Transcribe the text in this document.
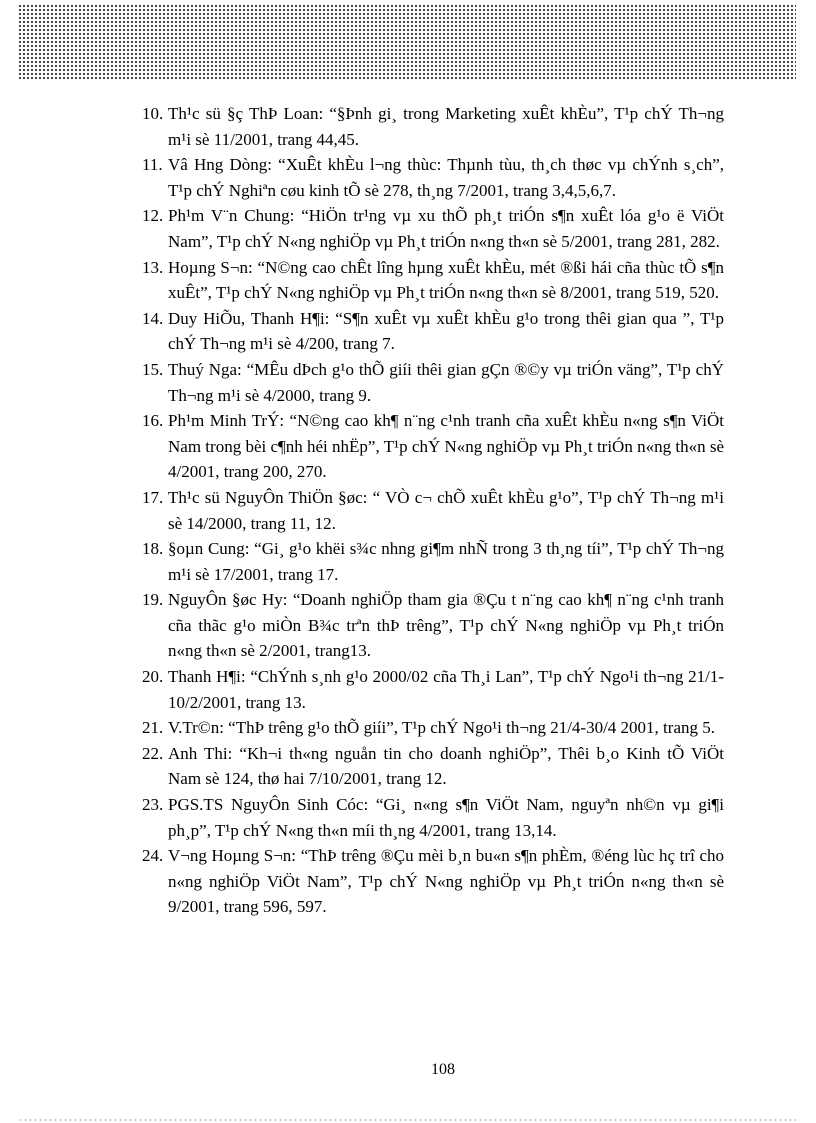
10. Th¹c sü §ç ThÞ Loan: “§Þnh gi¸ trong Marketing xuÊt khÈu”, T¹p chÝ Th¬ng m¹i sè 11/2001, trang 44,45.
11. Vâ Hng Dòng: “XuÊt khÈu l¬ng thùc: Thµnh tùu, th¸ch thøc vµ chÝnh s¸ch”, T¹p chÝ Nghiªn cøu kinh tÕ sè 278, th¸ng 7/2001, trang 3,4,5,6,7.
12. Ph¹m V¨n Chung: “HiÖn tr¹ng vµ xu thÕ ph¸t triÓn s¶n xuÊt lóa g¹o ë ViÖt Nam”, T¹p chÝ N«ng nghiÖp vµ Ph¸t triÓn n«ng th«n sè 5/2001, trang 281, 282.
13. Hoµng S¬n: “N©ng cao chÊt lîng hµng xuÊt khÈu, mét ®ßi hái cña thùc tÕ s¶n xuÊt”, T¹p chÝ N«ng nghiÖp vµ Ph¸t triÓn n«ng th«n sè 8/2001, trang 519, 520.
14. Duy HiÕu, Thanh H¶i: “S¶n xuÊt vµ xuÊt khÈu g¹o trong thêi gian qua ”, T¹p chÝ Th¬ng m¹i sè 4/200, trang 7.
15. Thuý Nga: “MÊu dÞch g¹o thÕ giíi thêi gian gÇn ®©y vµ triÓn väng”, T¹p chÝ Th¬ng m¹i sè 4/2000, trang 9.
16. Ph¹m Minh TrÝ: “N©ng cao kh¶ n¨ng c¹nh tranh cña xuÊt khÈu n«ng s¶n ViÖt Nam trong bèi c¶nh héi nhËp”, T¹p chÝ N«ng nghiÖp vµ Ph¸t triÓn n«ng th«n sè 4/2001, trang 200, 270.
17. Th¹c sü NguyÔn ThiÖn §øc: “ VÒ c¬ chÕ xuÊt khÈu g¹o”, T¹p chÝ Th¬ng m¹i sè 14/2000, trang 11, 12.
18. §oµn Cung: “Gi¸ g¹o khëi s¾c nhng gi¶m nhÑ trong 3 th¸ng tíi”, T¹p chÝ Th¬ng m¹i sè 17/2001, trang 17.
19. NguyÔn §øc Hy: “Doanh nghiÖp tham gia ®Çu t n¨ng cao kh¶ n¨ng c¹nh tranh cña thãc g¹o miÒn B¾c trªn thÞ trêng”, T¹p chÝ N«ng nghiÖp vµ Ph¸t triÓn n«ng th«n sè 2/2001, trang13.
20. Thanh H¶i: “ChÝnh s¸nh g¹o 2000/02 cña Th¸i Lan”, T¹p chÝ Ngo¹i th¬ng 21/1-10/2/2001, trang 13.
21. V.Tr©n: “ThÞ trêng g¹o thÕ giíi”, T¹p chÝ Ngo¹i th¬ng 21/4-30/4 2001, trang 5.
22. Anh Thi: “Kh¬i th«ng nguån tin cho doanh nghiÖp”, Thêi b¸o Kinh tÕ ViÖt Nam sè 124, thø hai 7/10/2001, trang 12.
23. PGS.TS NguyÔn Sinh Cóc: “Gi¸ n«ng s¶n ViÖt Nam, nguyªn nh©n vµ gi¶i ph¸p”, T¹p chÝ N«ng th«n míi th¸ng 4/2001, trang 13,14.
24. V¬ng Hoµng S¬n: “ThÞ trêng ®Çu mèi b¸n bu«n s¶n phÈm, ®éng lùc hç trî cho n«ng nghiÖp ViÖt Nam”, T¹p chÝ N«ng nghiÖp vµ Ph¸t triÓn n«ng th«n sè 9/2001, trang 596, 597.
108
